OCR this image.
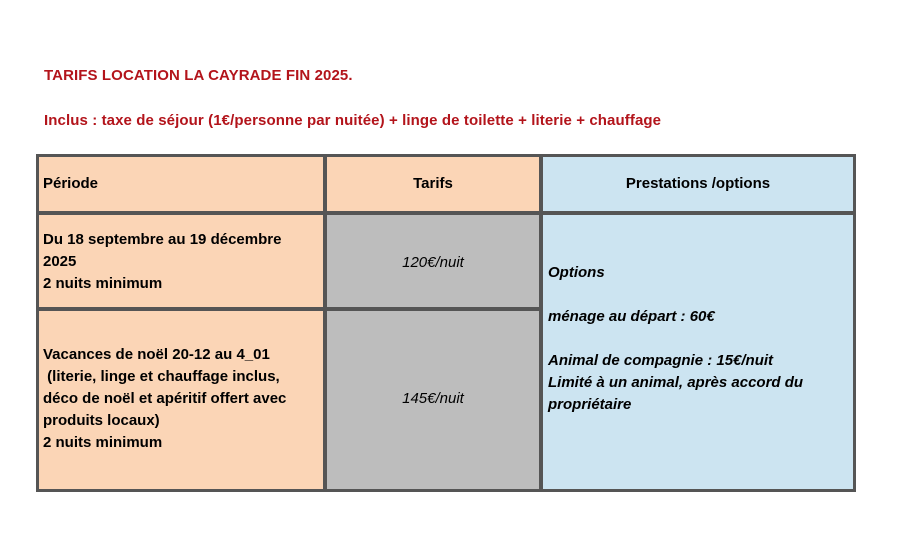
TARIFS LOCATION LA CAYRADE FIN 2025.
Inclus : taxe de séjour (1€/personne par nuitée) + linge de toilette + literie + chauffage
Période	Tarifs	Prestations /options
Du 18 septembre au 19 décembre
2025
2 nuits minimum
120€/nuit
Vacances de noël 20-12 au 4_01
(literie, linge et chauffage inclus,
déco de noël et apéritif offert avec
produits locaux)
2 nuits minimum
145€/nuit
Options
ménage au départ : 60€
Animal de compagnie : 15€/nuit
Limité à un animal, après accord du
propriétaire
